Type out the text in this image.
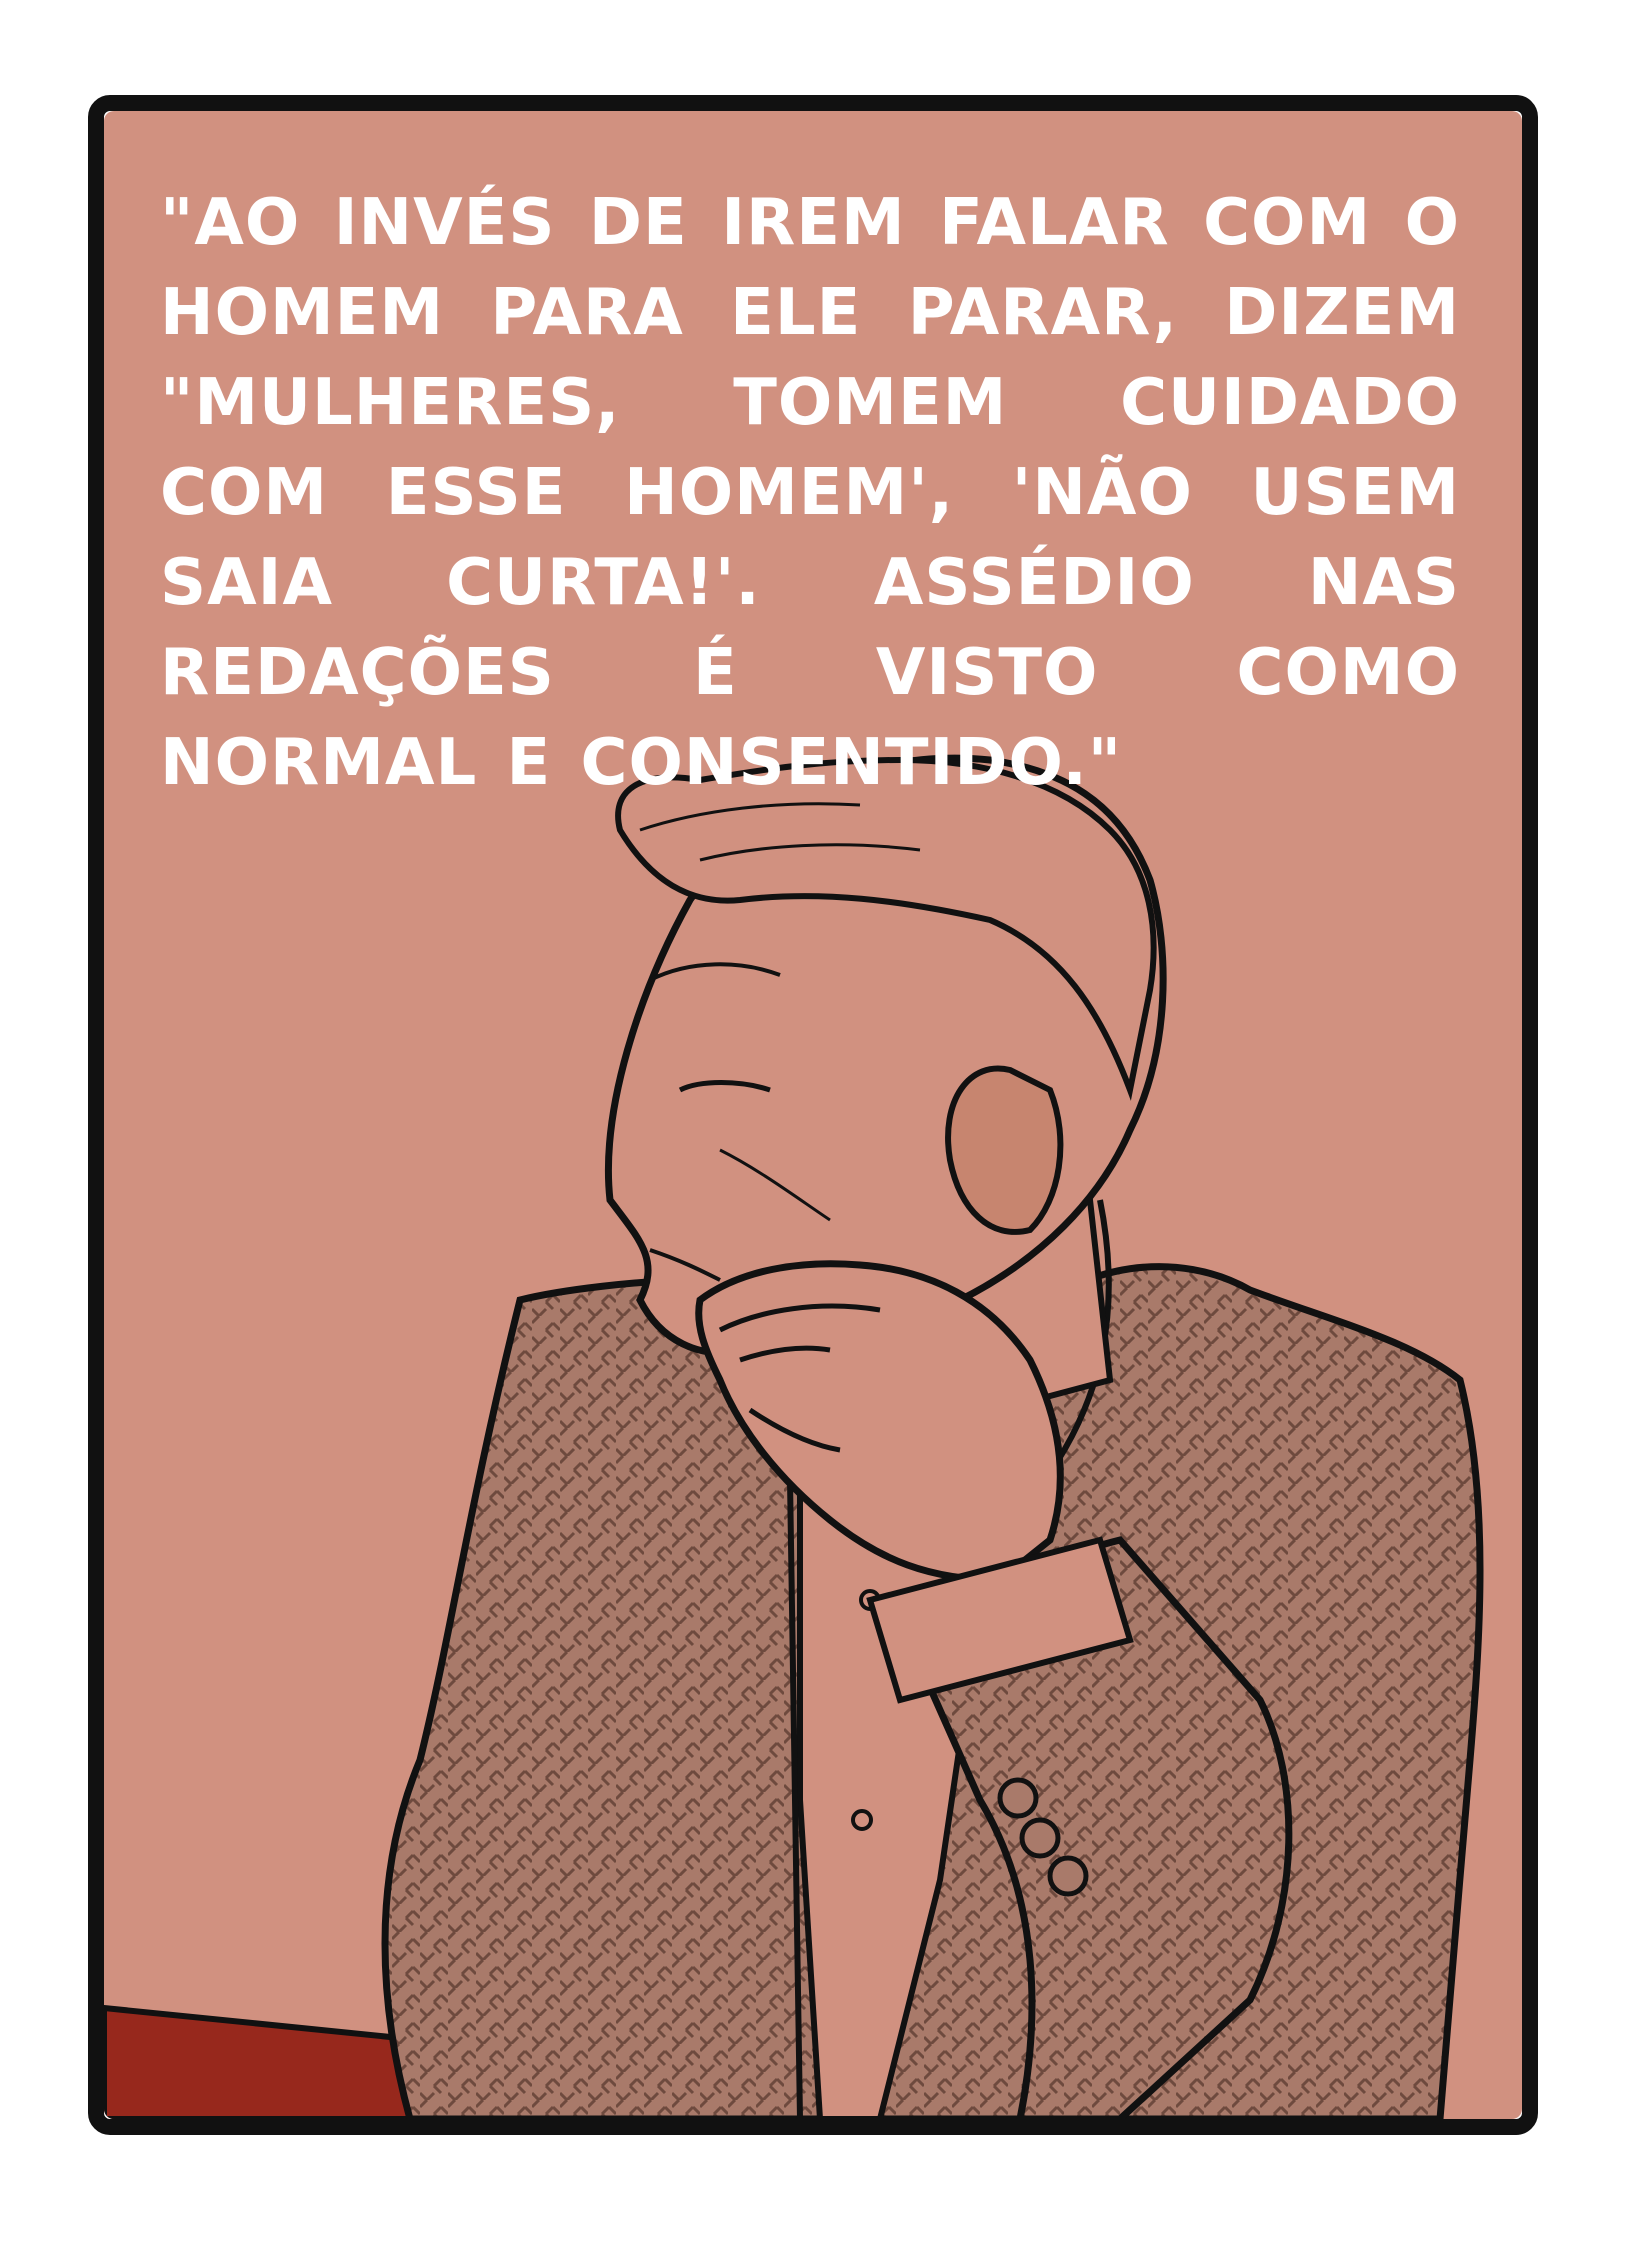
"AO INVÉS DE IREM FALAR COM O HOMEM PARA ELE PARAR, DIZEM "MULHERES, TOMEM CUIDADO COM ESSE HOMEM', 'NÃO USEM SAIA CURTA!'. ASSÉDIO NAS REDAÇÕES É VISTO COMO NORMAL E CONSENTIDO."
